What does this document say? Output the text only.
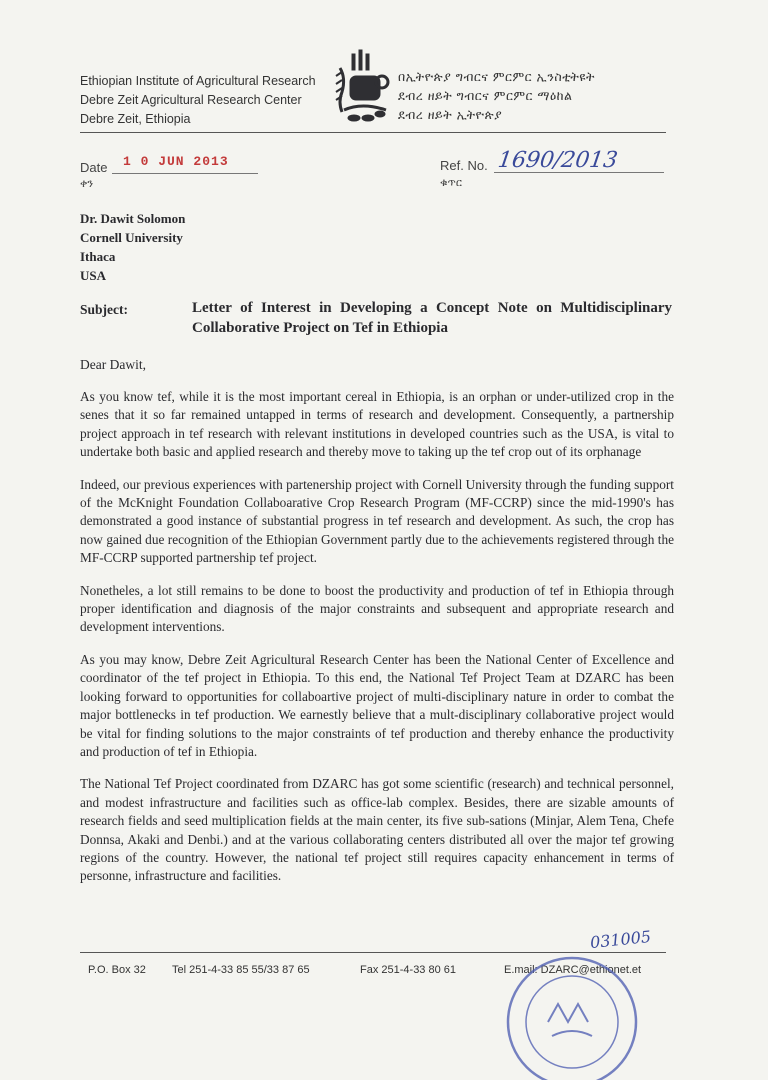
Ethiopian Institute of Agricultural Research
Debre Zeit Agricultural Research Center
Debre Zeit, Ethiopia
በኢትዮጵያ ግብርና ምርምር ኢንስቲትዩት
ደብረ ዘይት ግብርና ምርምር ማዕከል
ደብረ ዘይት ኢትዮጵያ
Date
ቀን
1 0 JUN 2013	Ref. No.
ቁጥር
1690/2013
Dr. Dawit Solomon
Cornell University
Ithaca
USA
Subject:	Letter of Interest in Developing a Concept Note on Multidisciplinary Collaborative Project on Tef in Ethiopia
Dear Dawit,

As you know tef, while it is the most important cereal in Ethiopia, is an orphan or under-utilized crop in the senes that it so far remained untapped in terms of research and development. Consequently, a partnership project approach in tef research with relevant institutions in developed countries such as the USA, is vital to undertake both basic and applied research and thereby move to taking up the tef crop out of its orphanage

Indeed, our previous experiences with partenership project with Cornell University through the funding support of the McKnight Foundation Collaboarative Crop Research Program (MF-CCRP) since the mid-1990's has demonstrated a good instance of substantial progress in tef research and development. As such, the crop has now gained due recognition of the Ethiopian Government partly due to the achievements registered through the MF-CCRP supported partnership tef project.

Nonetheles, a lot still remains to be done to boost the productivity and production of tef in Ethiopia through proper identification and diagnosis of the major constraints and subsequent and appropriate research and development interventions.

As you may know, Debre Zeit Agricultural Research Center has been the National Center of Excellence and coordinator of the tef project in Ethiopia. To this end, the National Tef Project Team at DZARC has been looking forward to opportunities for collaboartive project of multi-disciplinary nature in order to combat the major bottlenecks in tef production. We earnestly believe that a mult-disciplinary collaborative project would be vital for finding solutions to the major constraints of tef production and thereby enhance the productivity and production of tef in Ethiopia.

The National Tef Project coordinated from DZARC has got some scientific (research) and technical personnel, and modest infrastructure and facilities such as office-lab complex. Besides, there are sizable amounts of research fields and seed multiplication fields at the main center, its five sub-sations (Minjar, Alem Tena, Chefe Donnsa, Akaki and Denbi.) and at the various collaborating centers distributed all over the major tef growing regions of the country. However, the national tef project still requires capacity enhancement in terms of personne, infrastructure and facilities.

031005
P.O. Box 32 Tel 251-4-33 85 55/33 87 65	Fax 251-4-33 80 61	E.mail: DZARC@ethionet.et
